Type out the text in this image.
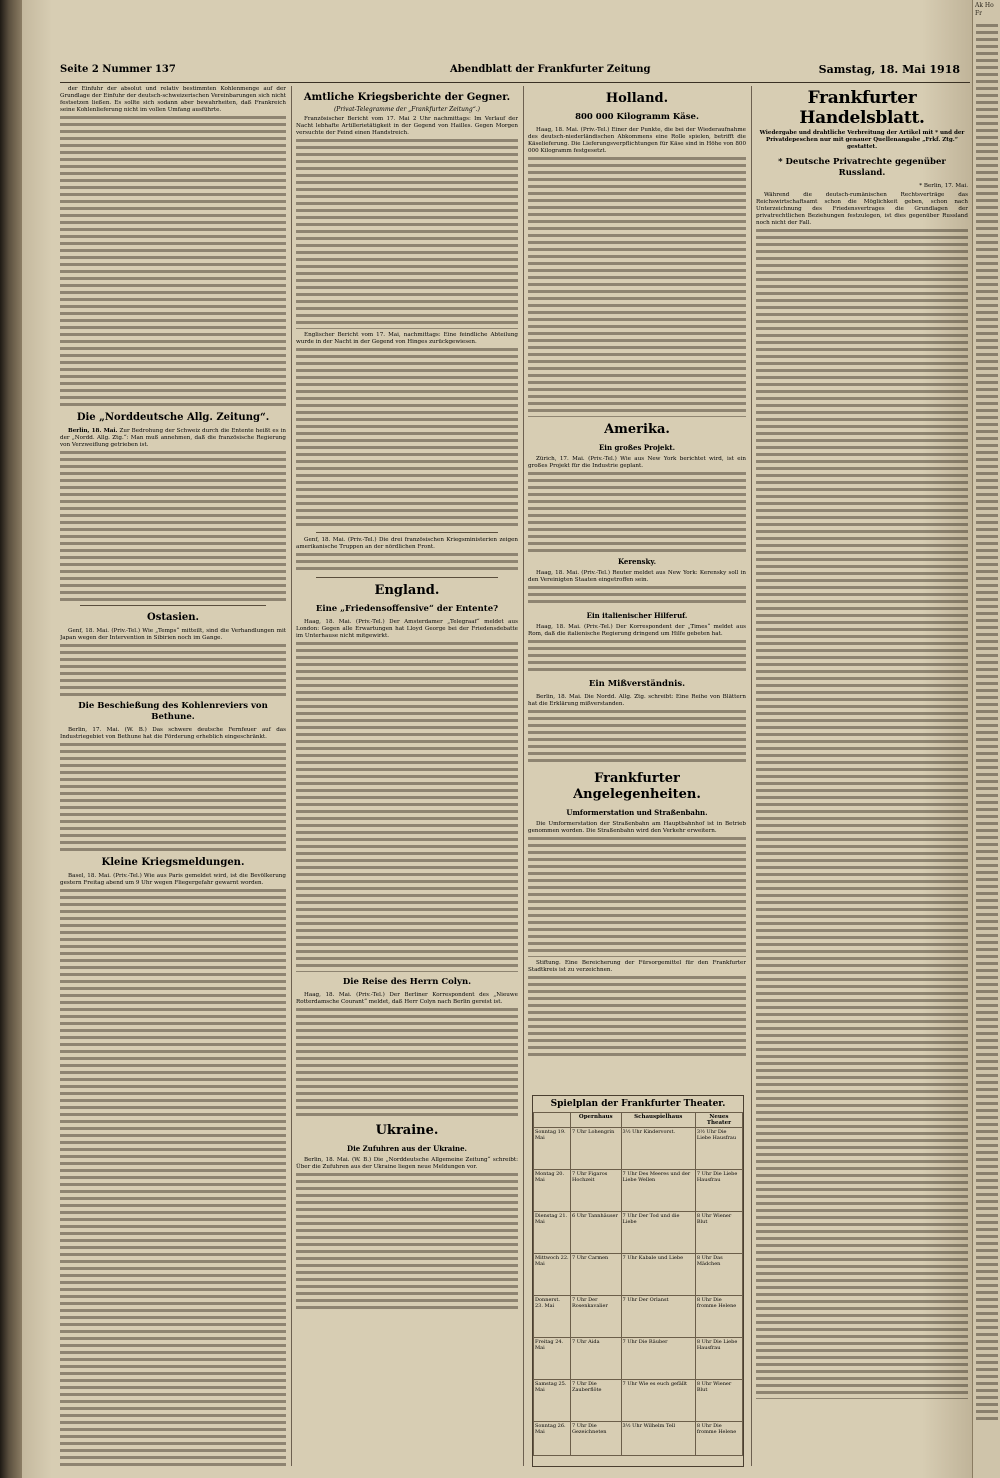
Seite 2 Nummer 137	Abendblatt der Frankfurter Zeitung	Samstag, 18. Mai 1918

der Einfuhr der absolut und relativ bestimmten Kohlenmenge auf der Grundlage der Einfuhr der deutsch-schweizerischen Vereinbarungen sich nicht festsetzen ließen. Es sollte sich sodann aber bewahrheiten, daß Frankreich seine Kohlenlieferung nicht im vollen Umfang ausführte.

Die „Norddeutsche Allg. Zeitung“.

Berlin, 18. Mai. Zur Bedrohung der Schweiz durch die Entente heißt es in der „Nordd. Allg. Ztg.“: Man muß annehmen, daß die französische Regierung von Verzweiflung getrieben ist.

Ostasien.

Genf, 18. Mai. (Priv.-Tel.) Wie „Temps“ mitteilt, sind die Verhandlungen mit Japan wegen der Intervention in Sibirien noch im Gange.

Die Beschießung des Kohlenreviers von Bethune.

Berlin, 17. Mai. (W. B.) Das schwere deutsche Fernfeuer auf das Industriegebiet von Bethune hat die Förderung erheblich eingeschränkt.

Kleine Kriegsmeldungen.

Basel, 18. Mai. (Priv.-Tel.) Wie aus Paris gemeldet wird, ist die Bevölkerung gestern Freitag abend um 9 Uhr wegen Fliegergefahr gewarnt worden.

Amtliche Kriegsberichte der Gegner.
(Privat-Telegramme der „Frankfurter Zeitung“.)

Französischer Bericht vom 17. Mai 2 Uhr nachmittags: Im Verlauf der Nacht lebhafte Artillerietätigkeit in der Gegend von Hailles. Gegen Morgen versuchte der Feind einen Handstreich.

Englischer Bericht vom 17. Mai, nachmittags: Eine feindliche Abteilung wurde in der Nacht in der Gegend von Hinges zurückgewiesen.

Genf, 18. Mai. (Priv.-Tel.) Die drei französischen Kriegsministerien zeigen amerikanische Truppen an der nördlichen Front.

England.
Eine „Friedensoffensive“ der Entente?

Haag, 18. Mai. (Priv.-Tel.) Der Amsterdamer „Telegraaf“ meldet aus London: Gegen alle Erwartungen hat Lloyd George bei der Friedensdebatte im Unterhause nicht mitgewirkt.

Die Reise des Herrn Colyn.

Haag, 18. Mai. (Priv.-Tel.) Der Berliner Korrespondent des „Nieuwe Rotterdamsche Courant“ meldet, daß Herr Colyn nach Berlin gereist ist.

Ukraine.
Die Zufuhren aus der Ukraine.

Berlin, 18. Mai. (W. B.) Die „Norddeutsche Allgemeine Zeitung“ schreibt: Über die Zufuhren aus der Ukraine liegen neue Meldungen vor.

Holland.
800 000 Kilogramm Käse.

Haag, 18. Mai. (Priv.-Tel.) Einer der Punkte, die bei der Wiederaufnahme des deutsch-niederländischen Abkommens eine Rolle spielen, betrifft die Käselieferung. Die Lieferungsverpflichtungen für Käse sind in Höhe von 800 000 Kilogramm festgesetzt.

Amerika.
Ein großes Projekt.

Zürich, 17. Mai. (Priv.-Tel.) Wie aus New York berichtet wird, ist ein großes Projekt für die Industrie geplant.

Kerensky.

Haag, 18. Mai. (Priv.-Tel.) Reuter meldet aus New York: Kerensky soll in den Vereinigten Staaten eingetroffen sein.

Ein italienischer Hilferuf.

Haag, 18. Mai. (Priv.-Tel.) Der Korrespondent der „Times“ meldet aus Rom, daß die italienische Regierung dringend um Hilfe gebeten hat.

Ein Mißverständnis.

Berlin, 18. Mai. Die Nordd. Allg. Ztg. schreibt: Eine Reihe von Blättern hat die Erklärung mißverstanden.

Frankfurter Angelegenheiten.
Umformerstation und Straßenbahn.

Die Umformerstation der Straßenbahn am Hauptbahnhof ist in Betrieb genommen worden. Die Straßenbahn wird den Verkehr erweitern.

Stiftung. Eine Bereicherung der Fürsorgemittel für den Frankfurter Stadtkreis ist zu verzeichnen.

Spielplan der Frankfurter Theater.
	Opernhaus	Schauspielhaus	Neues Theater
Sonntag 19. Mai	7 Uhr Lohengrin	3½ Uhr Kindervorst.	3½ Uhr Die Liebe Hausfrau
Montag 20. Mai	7 Uhr Figaros Hochzeit	7 Uhr Des Meeres und der Liebe Wellen	7 Uhr Die Liebe Hausfrau
Dienstag 21. Mai	6 Uhr Tannhäuser	7 Uhr Der Tod und die Liebe	8 Uhr Wiener Blut
Mittwoch 22. Mai	7 Uhr Carmen	7 Uhr Kabale und Liebe	8 Uhr Das Mädchen
Donnerst. 23. Mai	7 Uhr Der Rosenkavalier	7 Uhr Der Orlanst	8 Uhr Die fromme Helene
Freitag 24. Mai	7 Uhr Aida	7 Uhr Die Räuber	8 Uhr Die Liebe Hausfrau
Samstag 25. Mai	7 Uhr Die Zauberflöte	7 Uhr Wie es euch gefällt	8 Uhr Wiener Blut
Sonntag 26. Mai	7 Uhr Die Gezeichneten	3½ Uhr Wilhelm Tell	8 Uhr Die fromme Helene
Frankfurter Handelsblatt.
Wiedergabe und drahtliche Verbreitung der Artikel mit * und der Privatdepeschen nur mit genauer Quellenangabe „Frkf. Ztg.“ gestattet.
* Deutsche Privatrechte gegenüber Russland.

* Berlin, 17. Mai.

Während die deutsch-rumänischen Rechtsverträge das Reichswirtschaftsamt schon die Möglichkeit geben, schon nach Unterzeichnung des Friedensvertrages die Grundlagen der privatrechtlichen Beziehungen festzulegen, ist dies gegenüber Russland noch nicht der Fall.

Ak Ho Fr
